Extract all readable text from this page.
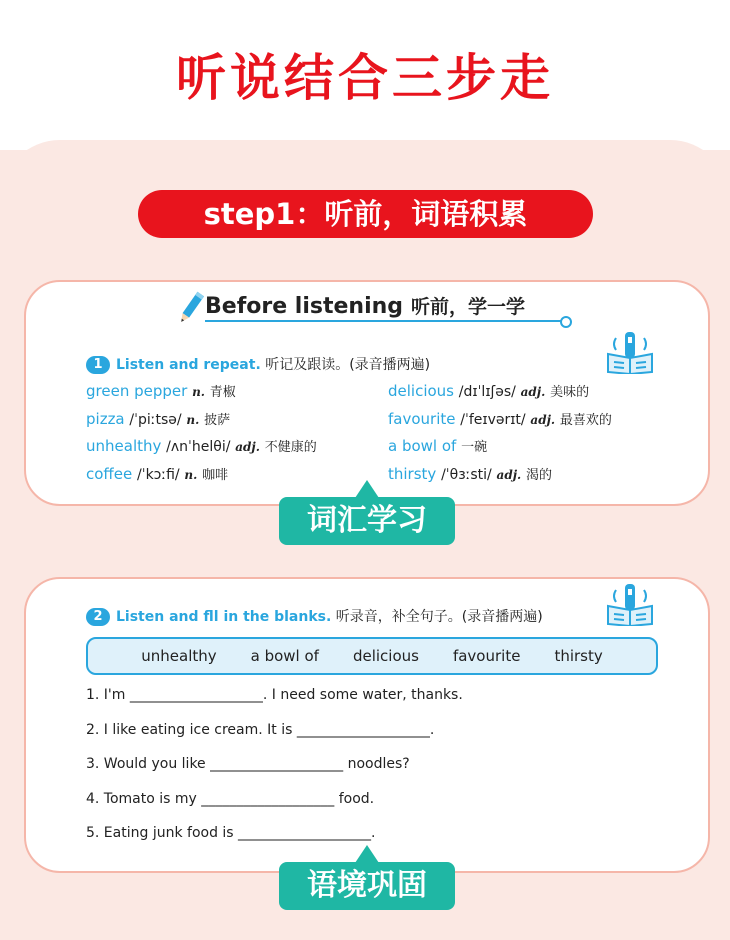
听说结合三步走
step1：听前，词语积累
Before listening 听前，学一学
1 Listen and repeat. 听记及跟读。(录音播两遍)
green pepper n. 青椒	delicious /dɪˈlɪʃəs/ adj. 美味的
pizza /ˈpiːtsə/ n. 披萨	favourite /ˈfeɪvərɪt/ adj. 最喜欢的
unhealthy /ʌnˈhelθi/ adj. 不健康的	a bowl of 一碗
coffee /ˈkɔːfi/ n. 咖啡	thirsty /ˈθɜːsti/ adj. 渴的
词汇学习
2 Listen and fll in the blanks. 听录音，补全句子。(录音播两遍)
unhealthy a bowl of delicious favourite thirsty
1. I'm ___________________. I need some water, thanks.
2. I like eating ice cream. It is ___________________.
3. Would you like ___________________ noodles?
4. Tomato is my ___________________ food.
5. Eating junk food is ___________________.
语境巩固
